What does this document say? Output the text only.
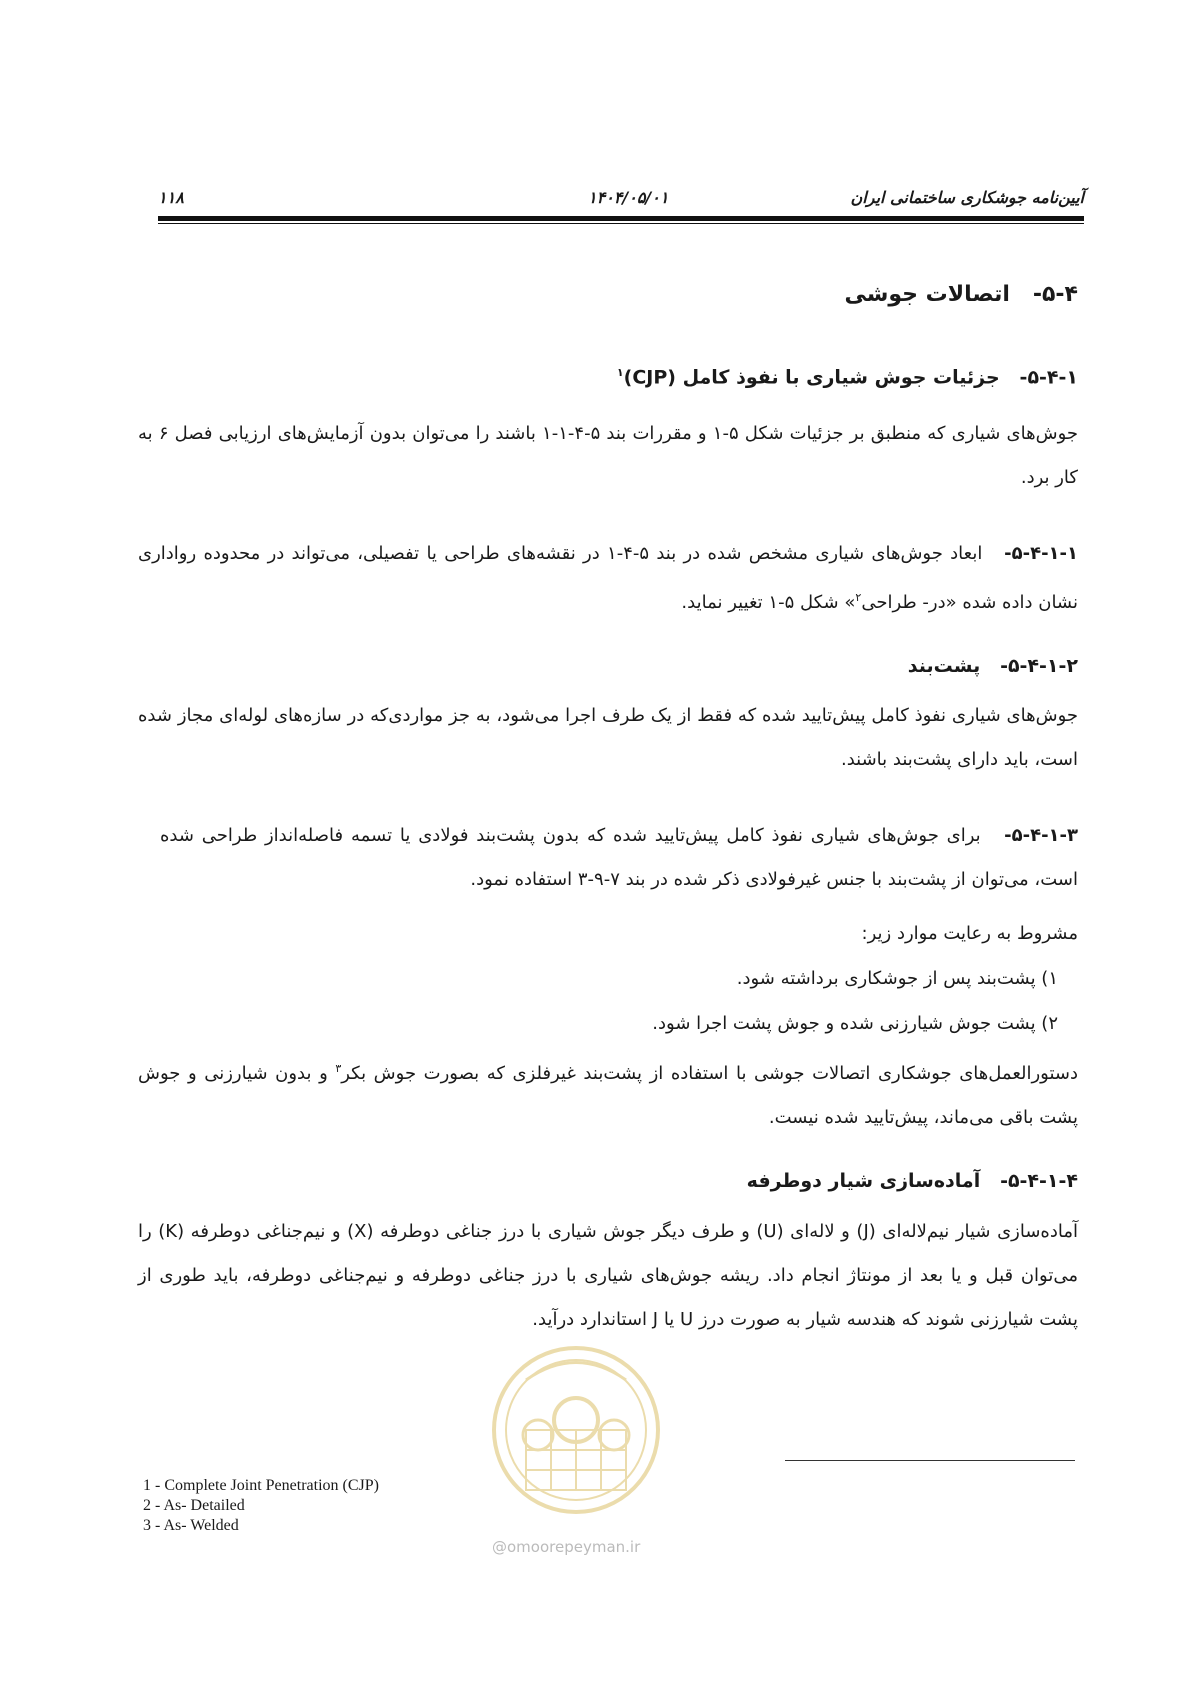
آیین‌نامه جوشکاری ساختمانی ایران
۱۴۰۴/۰۵/۰۱
۱۱۸
۵-۴-   اتصالات جوشی
۵-۴-۱-   جزئیات جوش شیاری با نفوذ کامل (CJP)$^۱$
جوش‌های شیاری که منطبق بر جزئیات شکل ۵-۱ و مقررات بند ۵-۴-۱-۱ باشند را می‌توان بدون آزمایش‌های ارزیابی فصل ۶ به کار برد.
۵-۴-۱-۱-   ابعاد جوش‌های شیاری مشخص شده در بند ۵-۴-۱ در نقشه‌های طراحی یا تفصیلی، می‌تواند در محدوده رواداری نشان داده شده «در- طراحی$^۲$» شکل ۵-۱ تغییر نماید.
۵-۴-۱-۲-   پشت‌بند
جوش‌های شیاری نفوذ کامل پیش‌تایید شده که فقط از یک طرف اجرا می‌شود، به جز مواردی‌که در سازه‌های لوله‌ای مجاز شده است، باید دارای پشت‌بند باشند.
۵-۴-۱-۳-   برای جوش‌های شیاری نفوذ کامل پیش‌تایید شده که بدون پشت‌بند فولادی یا تسمه فاصله‌انداز طراحی شده است، می‌توان از پشت‌بند با جنس غیرفولادی ذکر شده در بند ۷-۹-۳ استفاده نمود.
مشروط به رعایت موارد زیر:
۱) پشت‌بند پس از جوشکاری برداشته شود.
۲) پشت جوش شیارزنی شده و جوش پشت اجرا شود.
دستورالعمل‌های جوشکاری اتصالات جوشی با استفاده از پشت‌بند غیرفلزی که بصورت جوش بکر$^۳$ و بدون شیارزنی و جوش پشت باقی می‌ماند، پیش‌تایید شده نیست.
۵-۴-۱-۴-   آماده‌سازی شیار دوطرفه
آماده‌سازی شیار نیم‌لاله‌ای (J) و لاله‌ای (U) و طرف دیگر جوش شیاری با درز جناغی دوطرفه (X) و نیم‌جناغی دوطرفه (K) را می‌توان قبل و یا بعد از مونتاژ انجام داد. ریشه جوش‌های شیاری با درز جناغی دوطرفه و نیم‌جناغی دوطرفه، باید طوری از پشت شیارزنی شوند که هندسه شیار به صورت درز U یا J استاندارد درآید.
@omoorepeyman.ir
1 - Complete Joint Penetration (CJP)
2 - As- Detailed
3 - As- Welded
